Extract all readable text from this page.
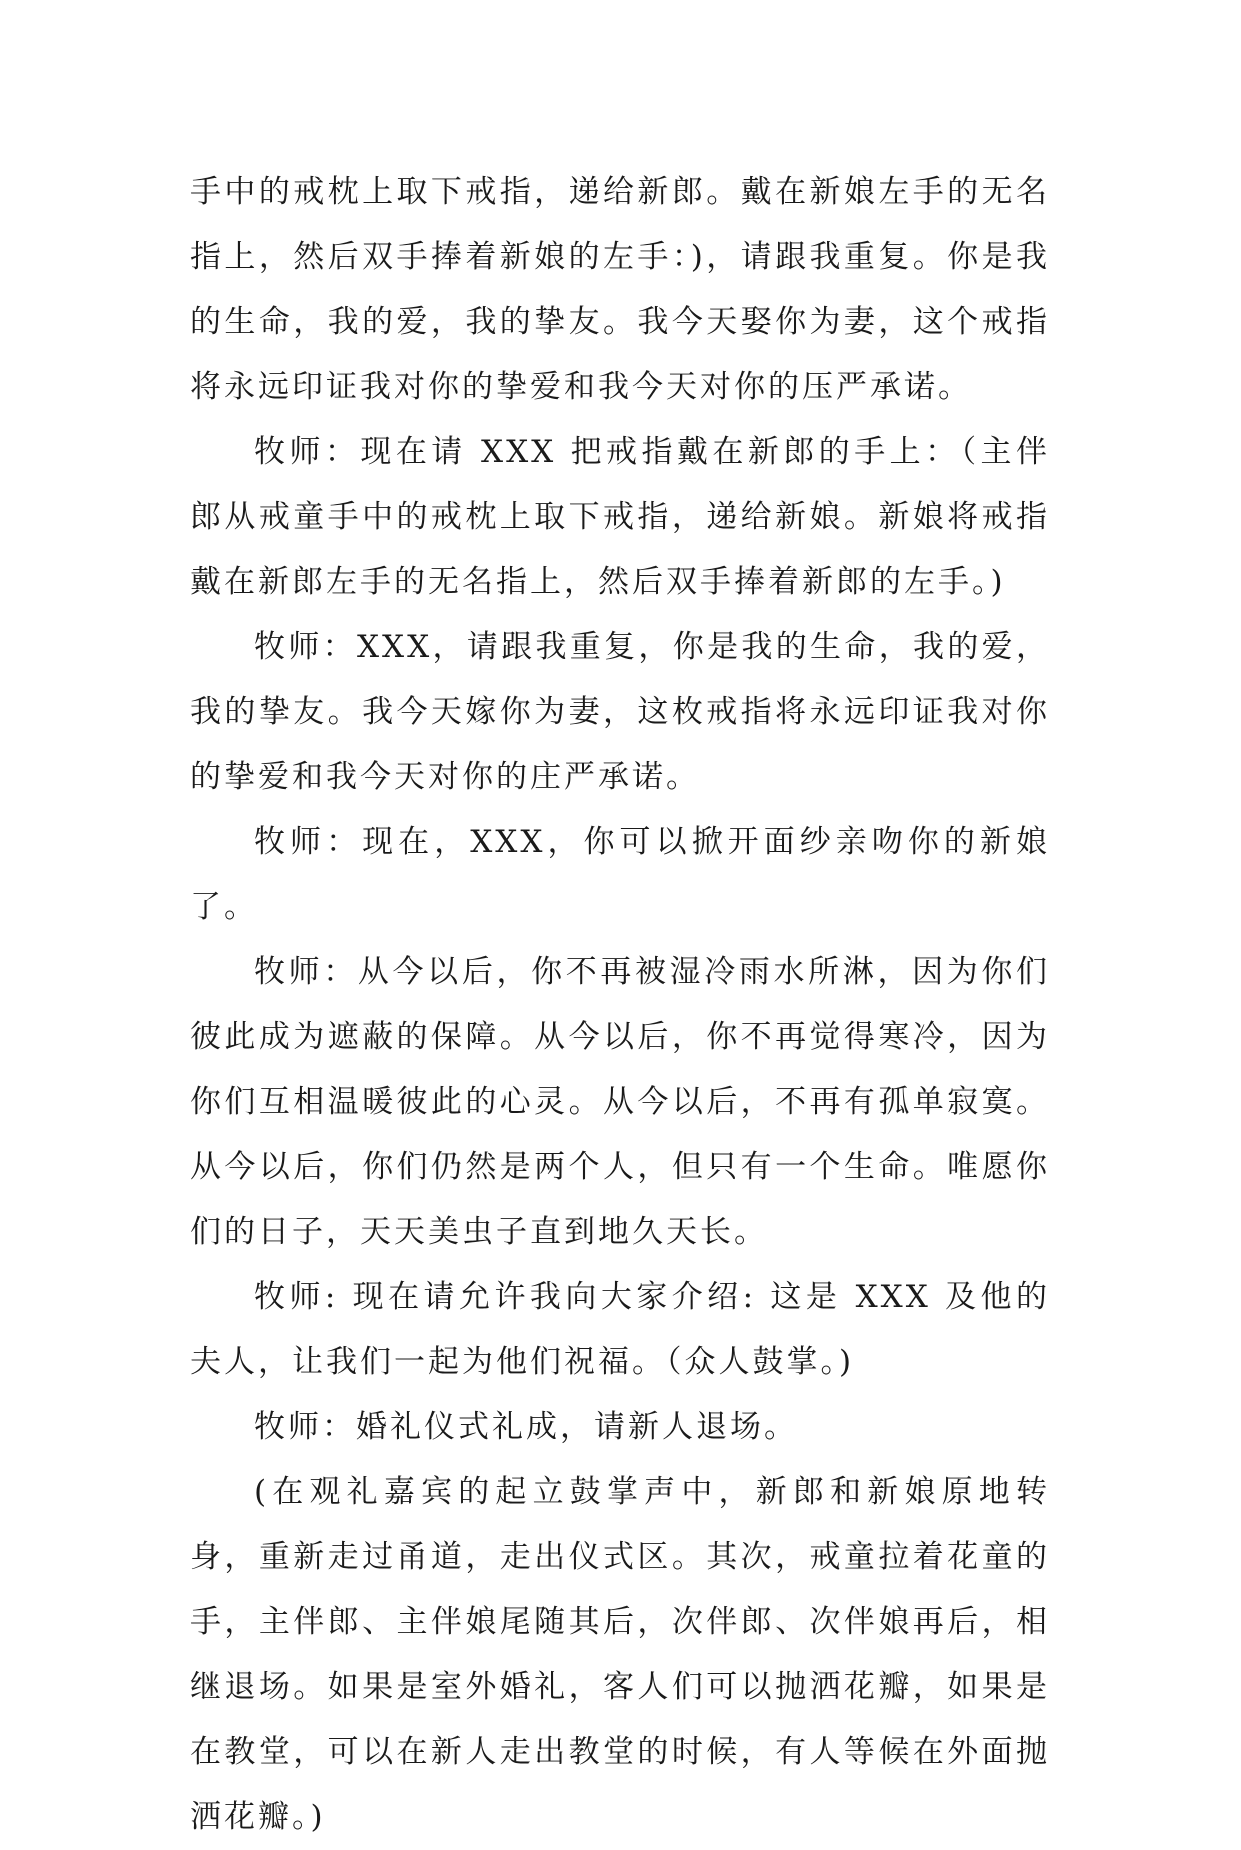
手中的戒枕上取下戒指，递给新郎。戴在新娘左手的无名指上，然后双手捧着新娘的左手：)，请跟我重复。你是我的生命，我的爱，我的挚友。我今天娶你为妻，这个戒指将永远印证我对你的挚爱和我今天对你的压严承诺。

牧师：现在请 XXX 把戒指戴在新郎的手上：（主伴郎从戒童手中的戒枕上取下戒指，递给新娘。新娘将戒指戴在新郎左手的无名指上，然后双手捧着新郎的左手。)

牧师：XXX，请跟我重复，你是我的生命，我的爱，我的挚友。我今天嫁你为妻，这枚戒指将永远印证我对你的挚爱和我今天对你的庄严承诺。

牧师：现在，XXX，你可以掀开面纱亲吻你的新娘了。

牧师：从今以后，你不再被湿冷雨水所淋，因为你们彼此成为遮蔽的保障。从今以后，你不再觉得寒冷，因为你们互相温暖彼此的心灵。从今以后，不再有孤单寂寞。从今以后，你们仍然是两个人，但只有一个生命。唯愿你们的日子，天天美虫子直到地久天长。

牧师: 现在请允许我向大家介绍: 这是 XXX 及他的夫人，让我们一起为他们祝福。（众人鼓掌。)

牧师：婚礼仪式礼成，请新人退场。

(在观礼嘉宾的起立鼓掌声中，新郎和新娘原地转身，重新走过甬道，走出仪式区。其次，戒童拉着花童的手，主伴郎、主伴娘尾随其后，次伴郎、次伴娘再后，相继退场。如果是室外婚礼，客人们可以抛洒花瓣，如果是在教堂，可以在新人走出教堂的时候，有人等候在外面抛洒花瓣。)
